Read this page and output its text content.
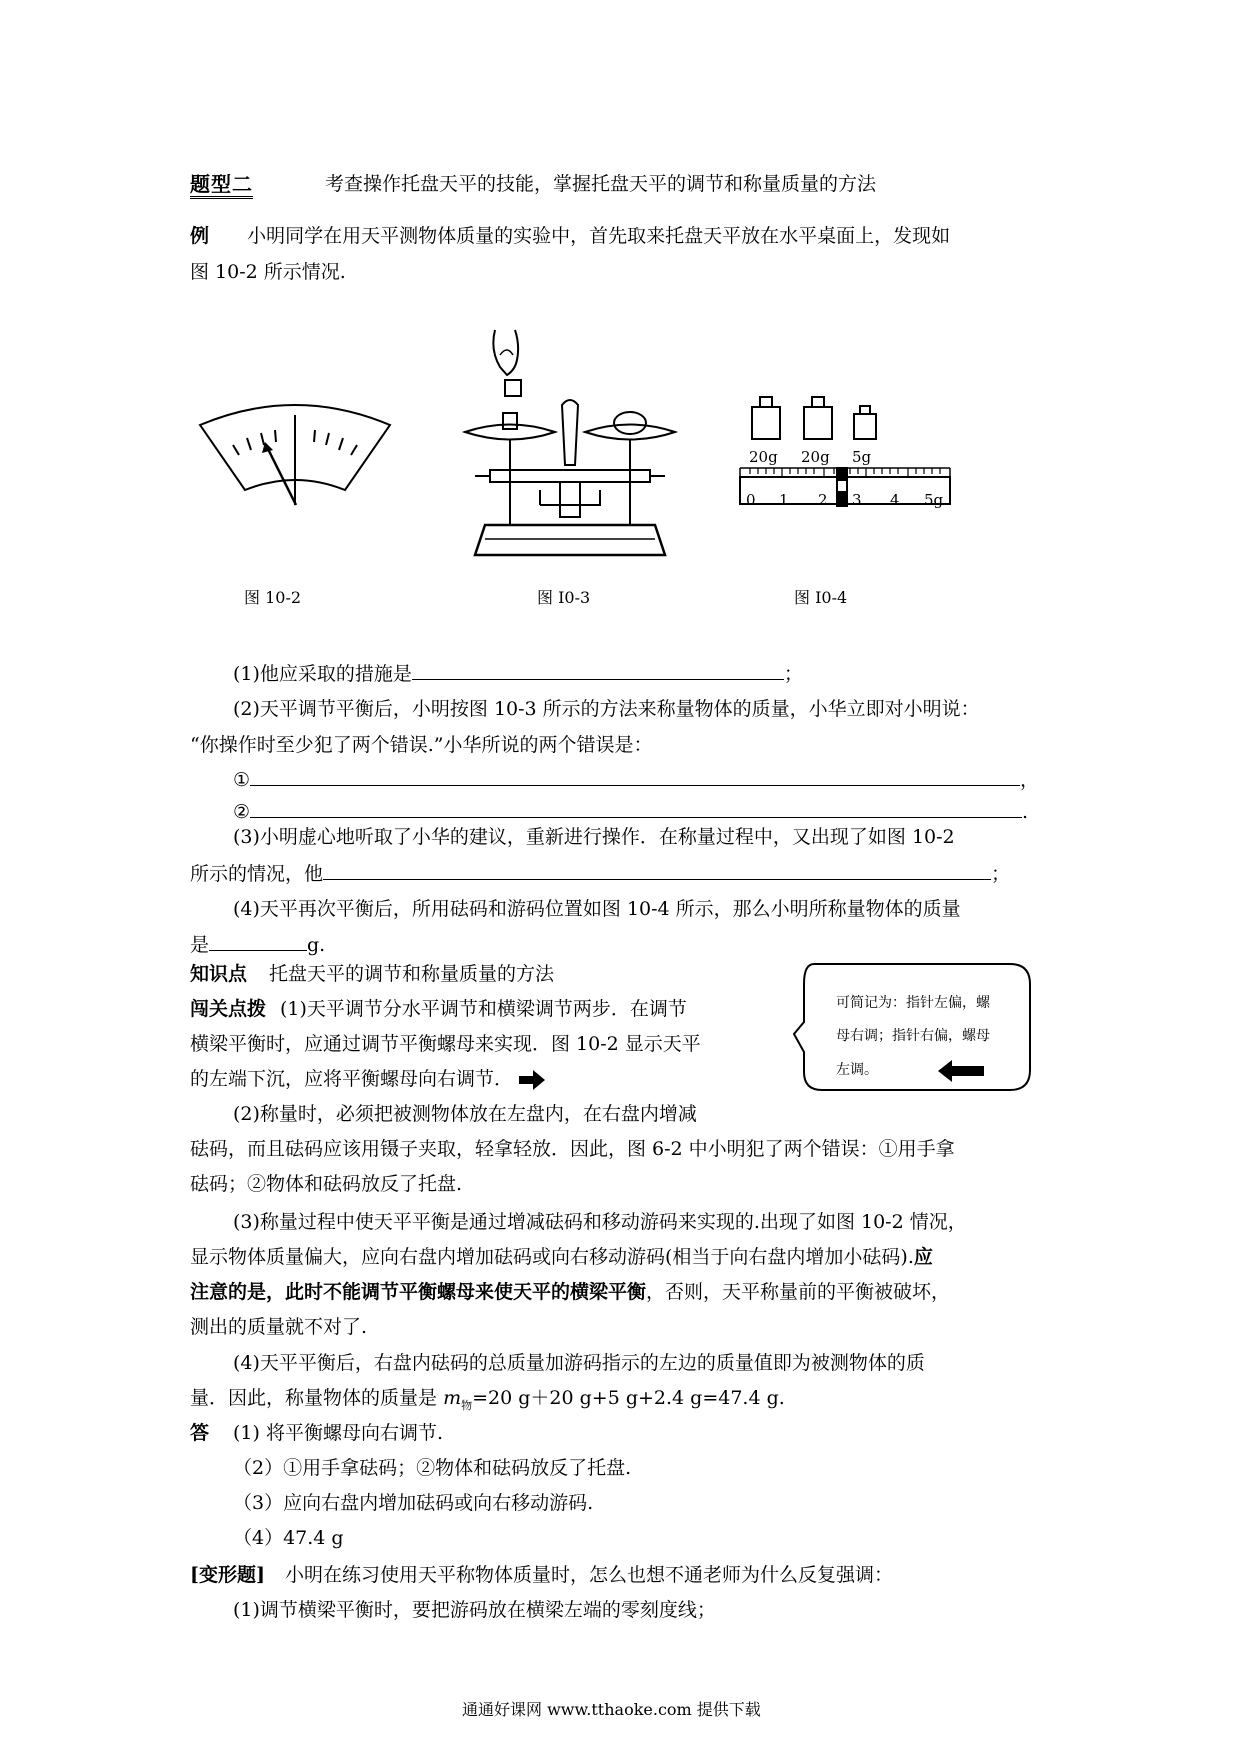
题型二	考查操作托盘天平的技能，掌握托盘天平的调节和称量质量的方法
例 小明同学在用天平测物体质量的实验中，首先取来托盘天平放在水平桌面上，发现如
图 10-2 所示情况.
图 10-2	图 I0-3
20g 20g 5g
0 1 2 3 4 5g
图 I0-4
(1)他应采取的措施是	；
(2)天平调节平衡后，小明按图 10-3 所示的方法来称量物体的质量，小华立即对小明说：
“你操作时至少犯了两个错误.”小华所说的两个错误是：
①	，
②	.
(3)小明虚心地听取了小华的建议，重新进行操作．在称量过程中，又出现了如图 10-2
所示的情况，他	；
(4)天平再次平衡后，所用砝码和游码位置如图 10-4 所示，那么小明所称量物体的质量
是	g.
知识点 托盘天平的调节和称量质量的方法
闯关点拨 (1)天平调节分水平调节和横梁调节两步．在调节
横梁平衡时，应通过调节平衡螺母来实现．图 10-2 显示天平
的左端下沉，应将平衡螺母向右调节．
可简记为：指针左偏，螺
母右调；指针右偏，螺母
左调。
(2)称量时，必须把被测物体放在左盘内，在右盘内增减
砝码，而且砝码应该用镊子夹取，轻拿轻放．因此，图 6-2 中小明犯了两个错误：①用手拿
砝码；②物体和砝码放反了托盘.
(3)称量过程中使天平平衡是通过增减砝码和移动游码来实现的.出现了如图 10-2 情况，
显示物体质量偏大，应向右盘内增加砝码或向右移动游码(相当于向右盘内增加小砝码).应
注意的是，此时不能调节平衡螺母来使天平的横梁平衡，否则，天平称量前的平衡被破坏，
测出的质量就不对了.
(4)天平平衡后，右盘内砝码的总质量加游码指示的左边的质量值即为被测物体的质
量．因此，称量物体的质量是 $m_物=20$ g＋20 g+5 g+2.4 g=47.4 g.
答 (1) 将平衡螺母向右调节.
（2）①用手拿砝码；②物体和砝码放反了托盘.
（3）应向右盘内增加砝码或向右移动游码.
（4）47.4 g
[变形题] 小明在练习使用天平称物体质量时，怎么也想不通老师为什么反复强调：
(1)调节横梁平衡时，要把游码放在横梁左端的零刻度线；
通通好课网 www.tthaoke.com 提供下载
